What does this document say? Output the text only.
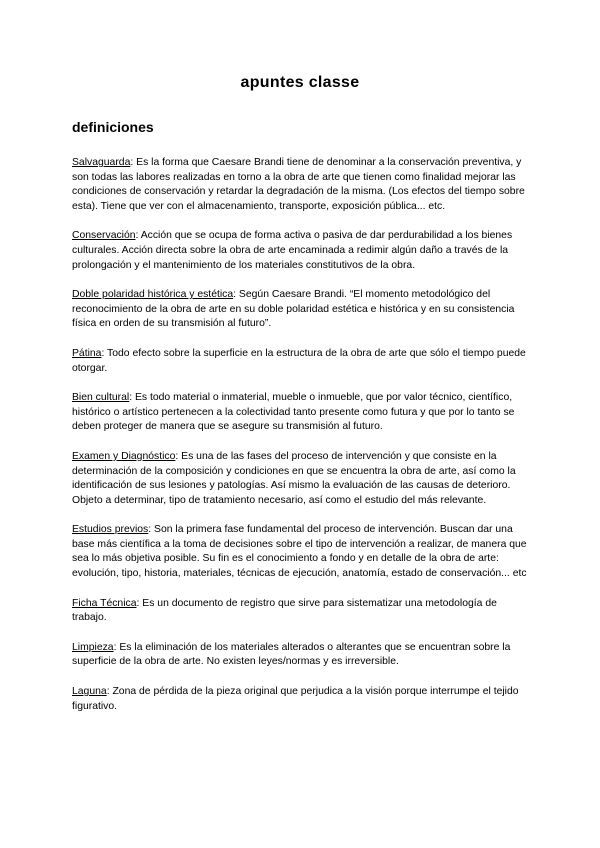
apuntes classe
definiciones

Salvaguarda: Es la forma que Caesare Brandi tiene de denominar a la conservación preventiva, y son todas las labores realizadas en torno a la obra de arte que tienen como finalidad mejorar las condiciones de conservación y retardar la degradación de la misma. (Los efectos del tiempo sobre esta). Tiene que ver con el almacenamiento, transporte, exposición pública... etc.

Conservación: Acción que se ocupa de forma activa o pasiva de dar perdurabilidad a los bienes culturales. Acción directa sobre la obra de arte encaminada a redimir algún daño a través de la prolongación y el mantenimiento de los materiales constitutivos de la obra.

Doble polaridad histórica y estética: Según Caesare Brandi. “El momento metodológico del reconocimiento de la obra de arte en su doble polaridad estética e histórica y en su consistencia física en orden de su transmisión al futuro”.

Pátina: Todo efecto sobre la superficie en la estructura de la obra de arte que sólo el tiempo puede otorgar.

Bien cultural: Es todo material o inmaterial, mueble o inmueble, que por valor técnico, científico, histórico o artístico pertenecen a la colectividad tanto presente como futura y que por lo tanto se deben proteger de manera que se asegure su transmisión al futuro.

Examen y Diagnóstico: Es una de las fases del proceso de intervención y que consiste en la determinación de la composición y condiciones en que se encuentra la obra de arte, así como la identificación de sus lesiones y patologías. Así mismo la evaluación de las causas de deterioro. Objeto a determinar, tipo de tratamiento necesario, así como el estudio del más relevante.

Estudios previos: Son la primera fase fundamental del proceso de intervención. Buscan dar una base más científica a la toma de decisiones sobre el tipo de intervención a realizar, de manera que sea lo más objetiva posible. Su fin es el conocimiento a fondo y en detalle de la obra de arte: evolución, tipo, historia, materiales, técnicas de ejecución, anatomía, estado de conservación... etc

Ficha Técnica: Es un documento de registro que sirve para sistematizar una metodología de trabajo.

Limpieza: Es la eliminación de los materiales alterados o alterantes que se encuentran sobre la superficie de la obra de arte. No existen leyes/normas y es irreversible.

Laguna: Zona de pérdida de la pieza original que perjudica a la visión porque interrumpe el tejido figurativo.
